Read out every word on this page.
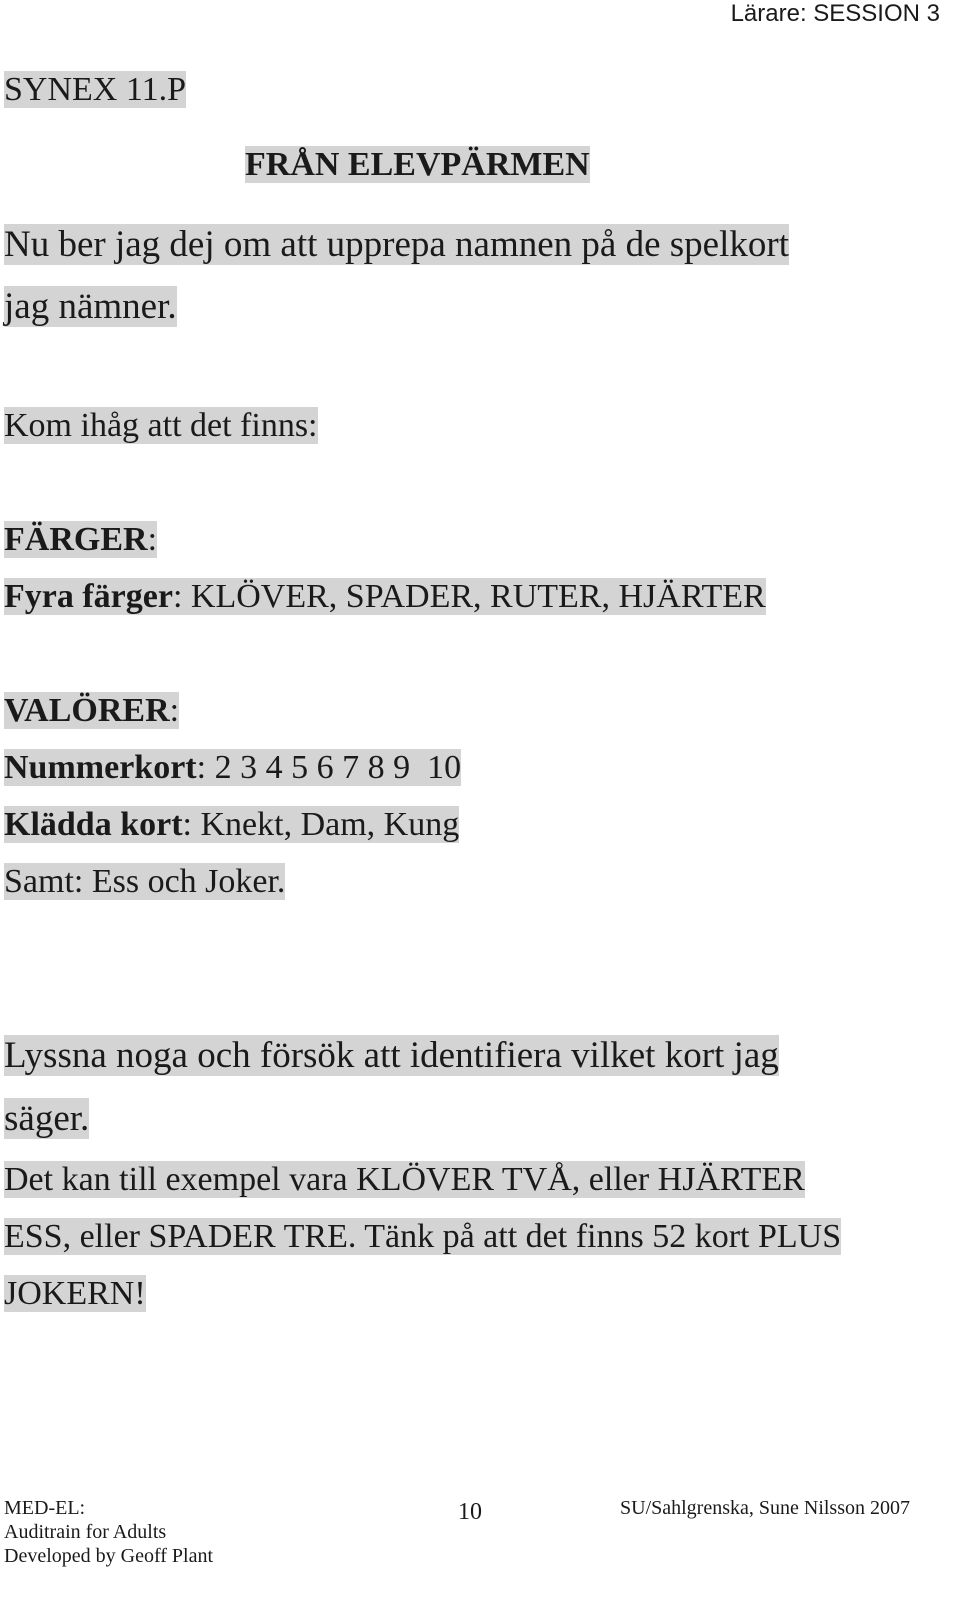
Lärare: SESSION 3
SYNEX 11.P
FRÅN ELEVPÄRMEN
Nu ber jag dej om att upprepa namnen på de spelkort
jag nämner.
Kom ihåg att det finns:
FÄRGER:
Fyra färger: KLÖVER, SPADER, RUTER, HJÄRTER
VALÖRER:
Nummerkort: 2 3 4 5 6 7 8 9  10
Klädda kort: Knekt, Dam, Kung
Samt: Ess och Joker.
Lyssna noga och försök att identifiera vilket kort jag
säger.
Det kan till exempel vara KLÖVER TVÅ, eller HJÄRTER
ESS, eller SPADER TRE. Tänk på att det finns 52 kort PLUS
JOKERN!
MED-EL:
Auditrain for Adults
Developed by Geoff Plant
10	SU/Sahlgrenska, Sune Nilsson 2007
